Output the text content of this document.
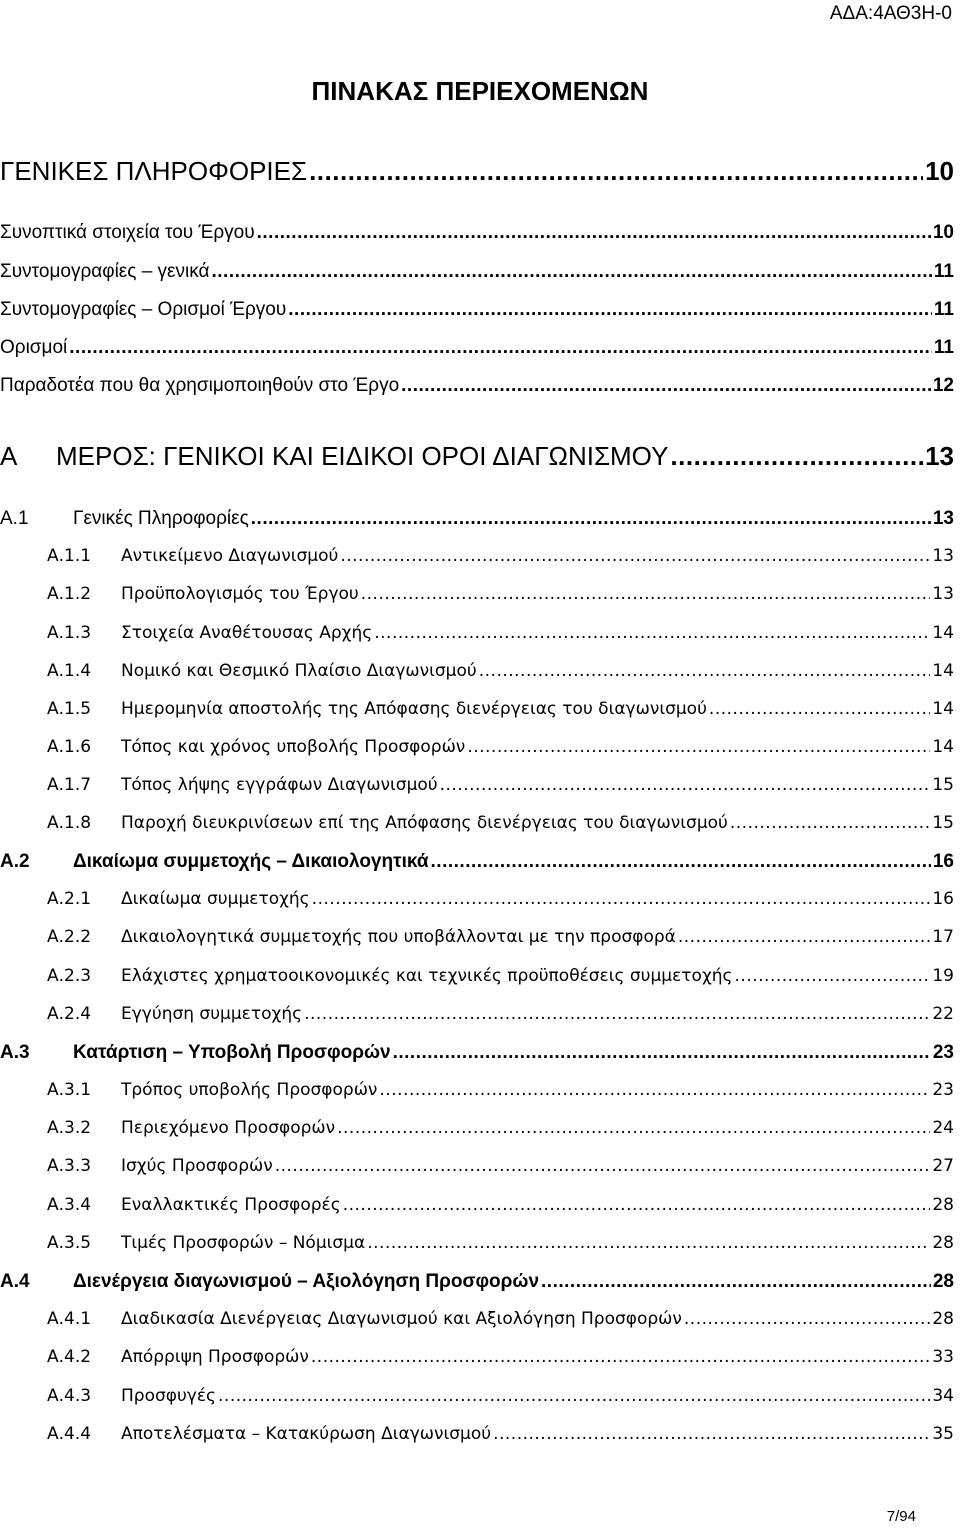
ΑΔΑ:4ΑΘ3Η-0
ΠΙΝΑΚΑΣ ΠΕΡΙΕΧΟΜΕΝΩΝ
ΓΕΝΙΚΕΣ ΠΛΗΡΟΦΟΡΙΕΣ .....	10
Συνοπτικά στοιχεία του Έργου .....	10
Συντομογραφίες – γενικά .....	11
Συντομογραφίες – Ορισμοί Έργου .....	11
Ορισμοί .....	11
Παραδοτέα που θα χρησιμοποιηθούν στο Έργο .....	12
A	ΜΕΡΟΣ: ΓΕΝΙΚΟΙ ΚΑΙ ΕΙΔΙΚΟΙ ΟΡΟΙ ΔΙΑΓΩΝΙΣΜΟΥ .....	13
A.1	Γενικές Πληροφορίες .....	13
Α.1.1	Αντικείμενο Διαγωνισμού .....	13
Α.1.2	Προϋπολογισμός του Έργου .....	13
Α.1.3	Στοιχεία Αναθέτουσας Αρχής .....	14
Α.1.4	Νομικό και Θεσμικό Πλαίσιο Διαγωνισμού .....	14
Α.1.5	Ημερομηνία αποστολής της Απόφασης διενέργειας του διαγωνισμού .....	14
Α.1.6	Τόπος και χρόνος υποβολής Προσφορών .....	14
Α.1.7	Τόπος λήψης εγγράφων Διαγωνισμού .....	15
Α.1.8	Παροχή διευκρινίσεων επί της Απόφασης διενέργειας του διαγωνισμού .....	15
Α.2	Δικαίωμα συμμετοχής – Δικαιολογητικά .....	16
Α.2.1	Δικαίωμα συμμετοχής .....	16
Α.2.2	Δικαιολογητικά συμμετοχής που υποβάλλονται με την προσφορά .....	17
Α.2.3	Ελάχιστες χρηματοοικονομικές και τεχνικές προϋποθέσεις συμμετοχής .....	19
Α.2.4	Εγγύηση συμμετοχής .....	22
Α.3	Κατάρτιση – Υποβολή Προσφορών .....	23
Α.3.1	Τρόπος υποβολής Προσφορών .....	23
Α.3.2	Περιεχόμενο Προσφορών .....	24
Α.3.3	Ισχύς Προσφορών .....	27
Α.3.4	Εναλλακτικές Προσφορές .....	28
Α.3.5	Τιμές Προσφορών – Νόμισμα .....	28
Α.4	Διενέργεια διαγωνισμού – Αξιολόγηση Προσφορών .....	28
Α.4.1	Διαδικασία Διενέργειας Διαγωνισμού και Αξιολόγηση Προσφορών .....	28
Α.4.2	Απόρριψη Προσφορών .....	33
Α.4.3	Προσφυγές .....	34
Α.4.4	Αποτελέσματα – Κατακύρωση Διαγωνισμού .....	35
7/94
